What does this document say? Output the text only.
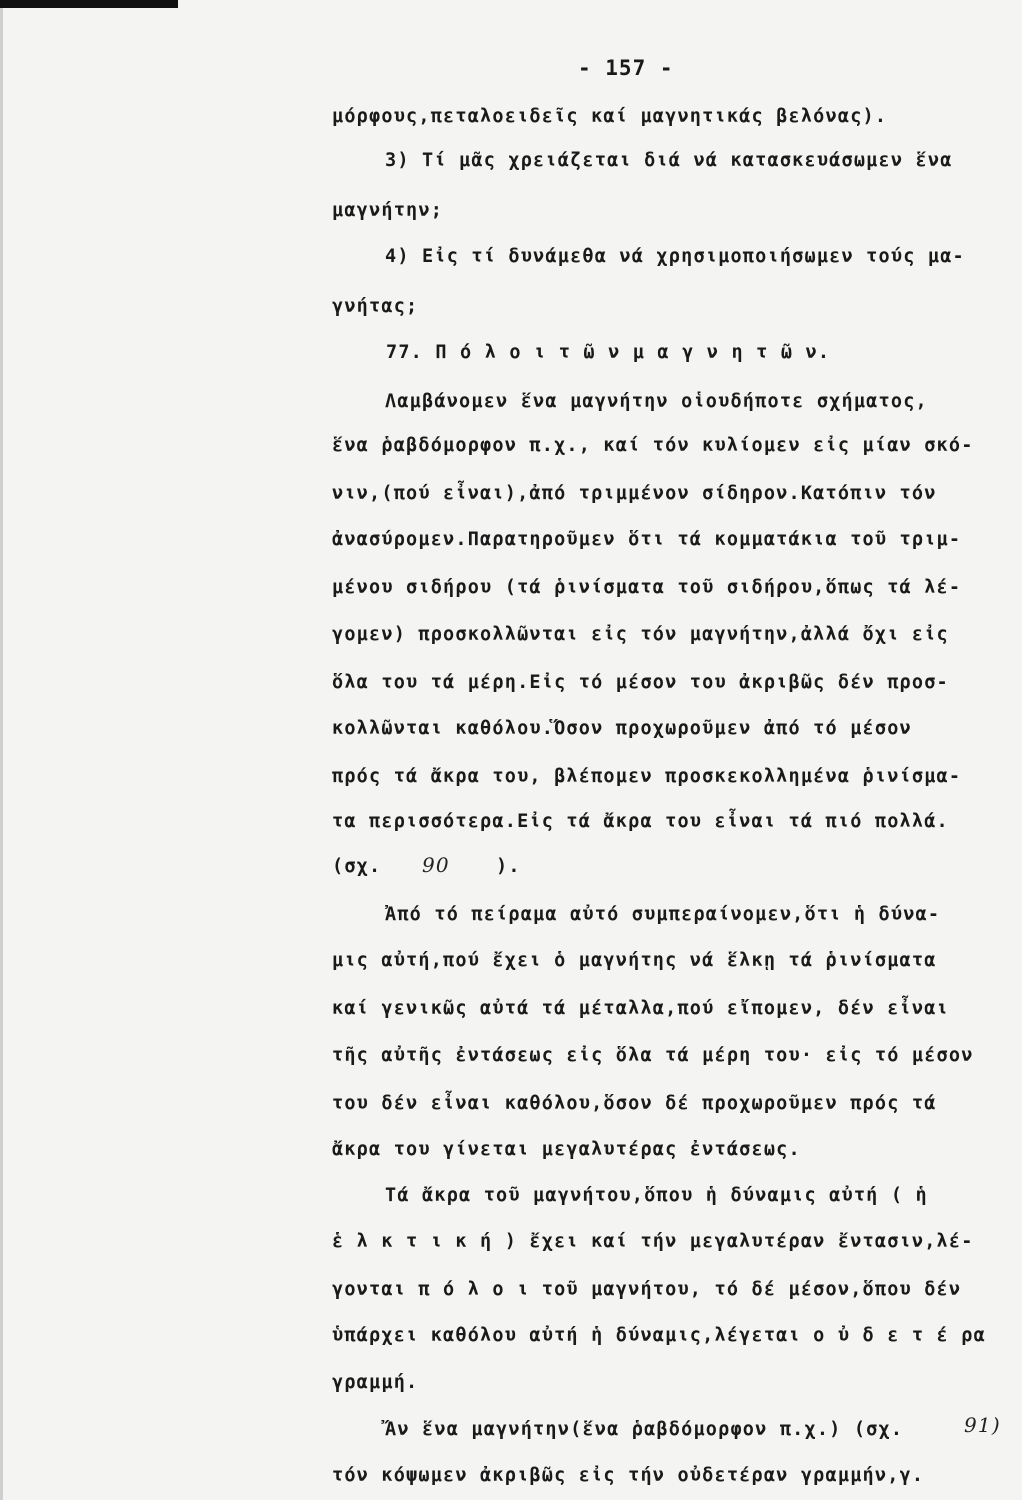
- 157 -
μόρφους,πεταλοειδεῖς καί μαγνητικάς βελόνας).
3) Τί μᾶς χρειάζεται διά νά κατασκευάσωμεν ἕνα
μαγνήτην;
4) Εἰς τί δυνάμεθα νά χρησιμοποιήσωμεν τούς μα-
γνήτας;
77. Π ό λ ο ι τ ῶ ν μ α γ ν η τ ῶ ν.
Λαμβάνομεν ἕνα μαγνήτην οἱουδήποτε σχήματος,
ἕνα ῥαβδόμορφον π.χ., καί τόν κυλίομεν εἰς μίαν σκό-
νιν,(πού εἶναι),ἀπό τριμμένον σίδηρον.Κατόπιν τόν
ἀνασύρομεν.Παρατηροῦμεν ὅτι τά κομματάκια τοῦ τριμ-
μένου σιδήρου (τά ῥινίσματα τοῦ σιδήρου,ὅπως τά λέ-
γομεν) προσκολλῶνται εἰς τόν μαγνήτην,ἀλλά ὄχι εἰς
ὅλα του τά μέρη.Εἰς τό μέσον του ἀκριβῶς δέν προσ-
κολλῶνται καθόλου.Ὅσον προχωροῦμεν ἀπό τό μέσον
πρός τά ἄκρα του, βλέπομεν προσκεκολλημένα ῥινίσμα-
τα περισσότερα.Εἰς τά ἄκρα του εἶναι τά πιό πολλά.
(σχ. 90 ).
Ἀπό τό πείραμα αὐτό συμπεραίνομεν,ὅτι ἡ δύνα-
μις αὐτή,πού ἔχει ὁ μαγνήτης νά ἕλκῃ τά ῥινίσματα
καί γενικῶς αὐτά τά μέταλλα,πού εἴπομεν, δέν εἶναι
τῆς αὐτῆς ἐντάσεως εἰς ὅλα τά μέρη του· εἰς τό μέσον
του δέν εἶναι καθόλου,ὅσον δέ προχωροῦμεν πρός τά
ἄκρα του γίνεται μεγαλυτέρας ἐντάσεως.
Τά ἄκρα τοῦ μαγνήτου,ὅπου ἡ δύναμις αὐτή ( ἡ
ἑ λ κ τ ι κ ή ) ἔχει καί τήν μεγαλυτέραν ἔντασιν,λέ-
γονται π ό λ ο ι τοῦ μαγνήτου, τό δέ μέσον,ὅπου δέν
ὑπάρχει καθόλου αὐτή ἡ δύναμις,λέγεται ο ὐ δ ε τ έ ρα
γραμμή.
Ἄν ἕνα μαγνήτην(ἕνα ῥαβδόμορφον π.χ.) (σχ.	91)
τόν κόψωμεν ἀκριβῶς εἰς τήν οὐδετέραν γραμμήν,γ.
